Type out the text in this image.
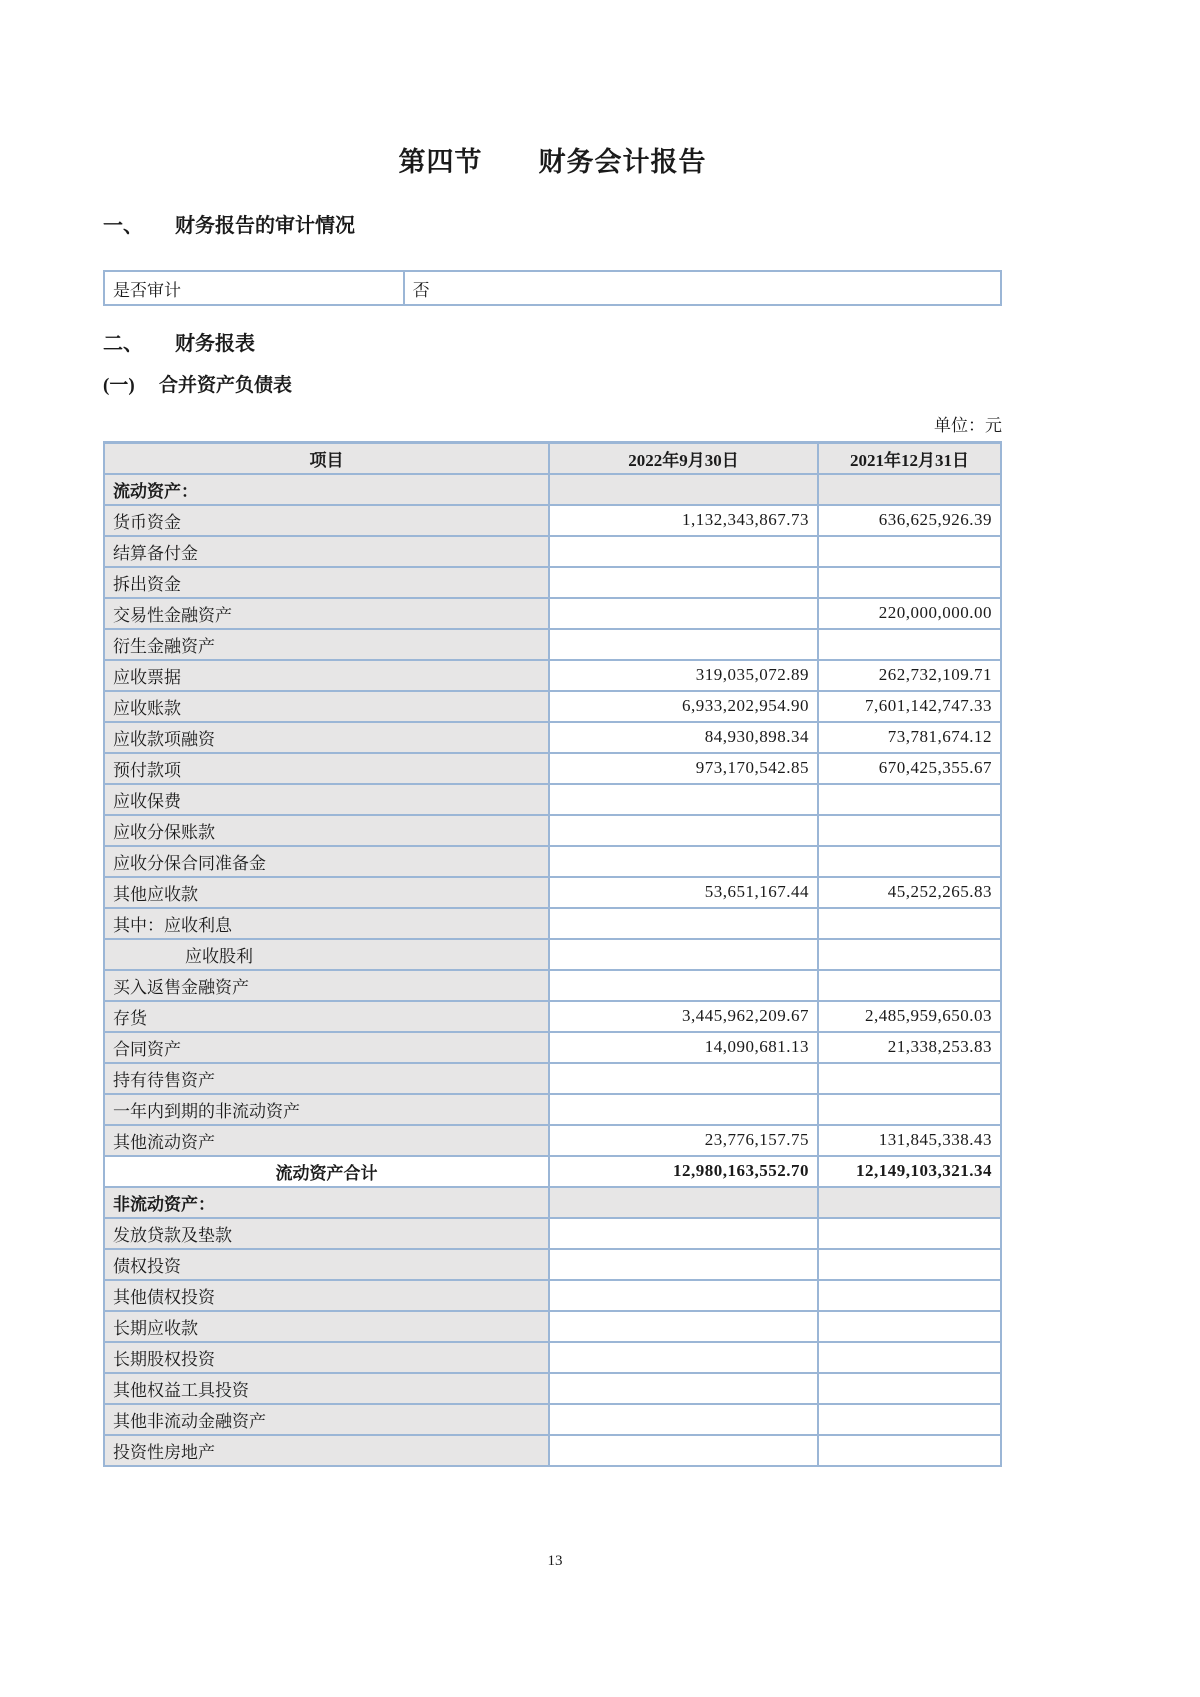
第四节　　财务会计报告
一、	财务报告的审计情况
是否审计	否
二、	财务报表
(一)	合并资产负债表
单位：元
项目	2022年9月30日	2021年12月31日
流动资产：		
货币资金	1,132,343,867.73	636,625,926.39
结算备付金		
拆出资金		
交易性金融资产		220,000,000.00
衍生金融资产		
应收票据	319,035,072.89	262,732,109.71
应收账款	6,933,202,954.90	7,601,142,747.33
应收款项融资	84,930,898.34	73,781,674.12
预付款项	973,170,542.85	670,425,355.67
应收保费		
应收分保账款		
应收分保合同准备金		
其他应收款	53,651,167.44	45,252,265.83
其中：应收利息		
应收股利		
买入返售金融资产		
存货	3,445,962,209.67	2,485,959,650.03
合同资产	14,090,681.13	21,338,253.83
持有待售资产		
一年内到期的非流动资产		
其他流动资产	23,776,157.75	131,845,338.43
流动资产合计	12,980,163,552.70	12,149,103,321.34
非流动资产：		
发放贷款及垫款		
债权投资		
其他债权投资		
长期应收款		
长期股权投资		
其他权益工具投资		
其他非流动金融资产		
投资性房地产		
13
